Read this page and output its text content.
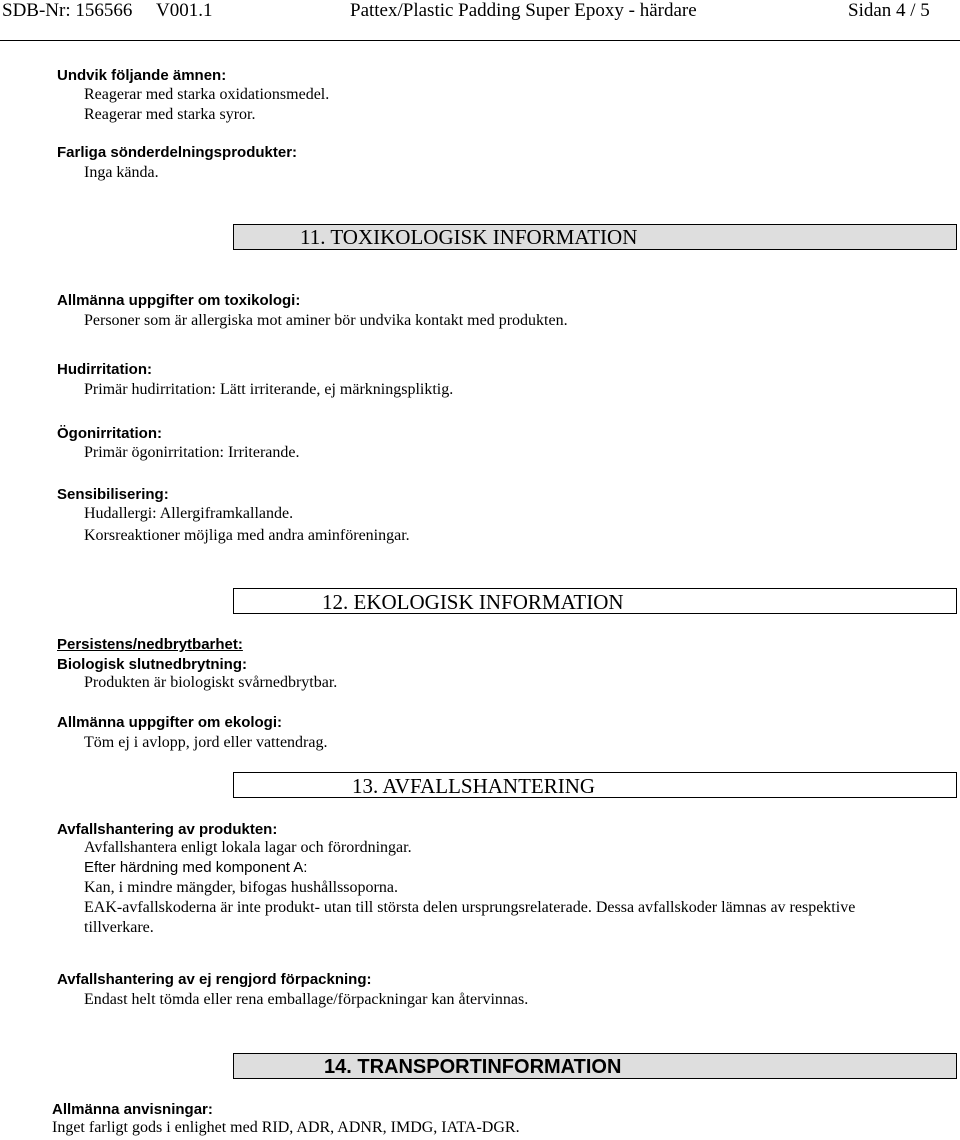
SDB-Nr: 156566 V001.1	Pattex/Plastic Padding Super Epoxy - härdare	Sidan 4 / 5
Undvik följande ämnen:
Reagerar med starka oxidationsmedel.
Reagerar med starka syror.
Farliga sönderdelningsprodukter:
Inga kända.
11. TOXIKOLOGISK INFORMATION
Allmänna uppgifter om toxikologi:
Personer som är allergiska mot aminer bör undvika kontakt med produkten.
Hudirritation:
Primär hudirritation: Lätt irriterande, ej märkningspliktig.
Ögonirritation:
Primär ögonirritation: Irriterande.
Sensibilisering:
Hudallergi: Allergiframkallande.
Korsreaktioner möjliga med andra aminföreningar.
12. EKOLOGISK INFORMATION
Persistens/nedbrytbarhet:
Biologisk slutnedbrytning:
Produkten är biologiskt svårnedbrytbar.
Allmänna uppgifter om ekologi:
Töm ej i avlopp, jord eller vattendrag.
13. AVFALLSHANTERING
Avfallshantering av produkten:
Avfallshantera enligt lokala lagar och förordningar.
Efter härdning med komponent A:
Kan, i mindre mängder, bifogas hushållssoporna.
EAK-avfallskoderna är inte produkt- utan till största delen ursprungsrelaterade. Dessa avfallskoder lämnas av respektive tillverkare.
Avfallshantering av ej rengjord förpackning:
Endast helt tömda eller rena emballage/förpackningar kan återvinnas.
14. TRANSPORTINFORMATION
Allmänna anvisningar:
Inget farligt gods i enlighet med RID, ADR, ADNR, IMDG, IATA-DGR.
